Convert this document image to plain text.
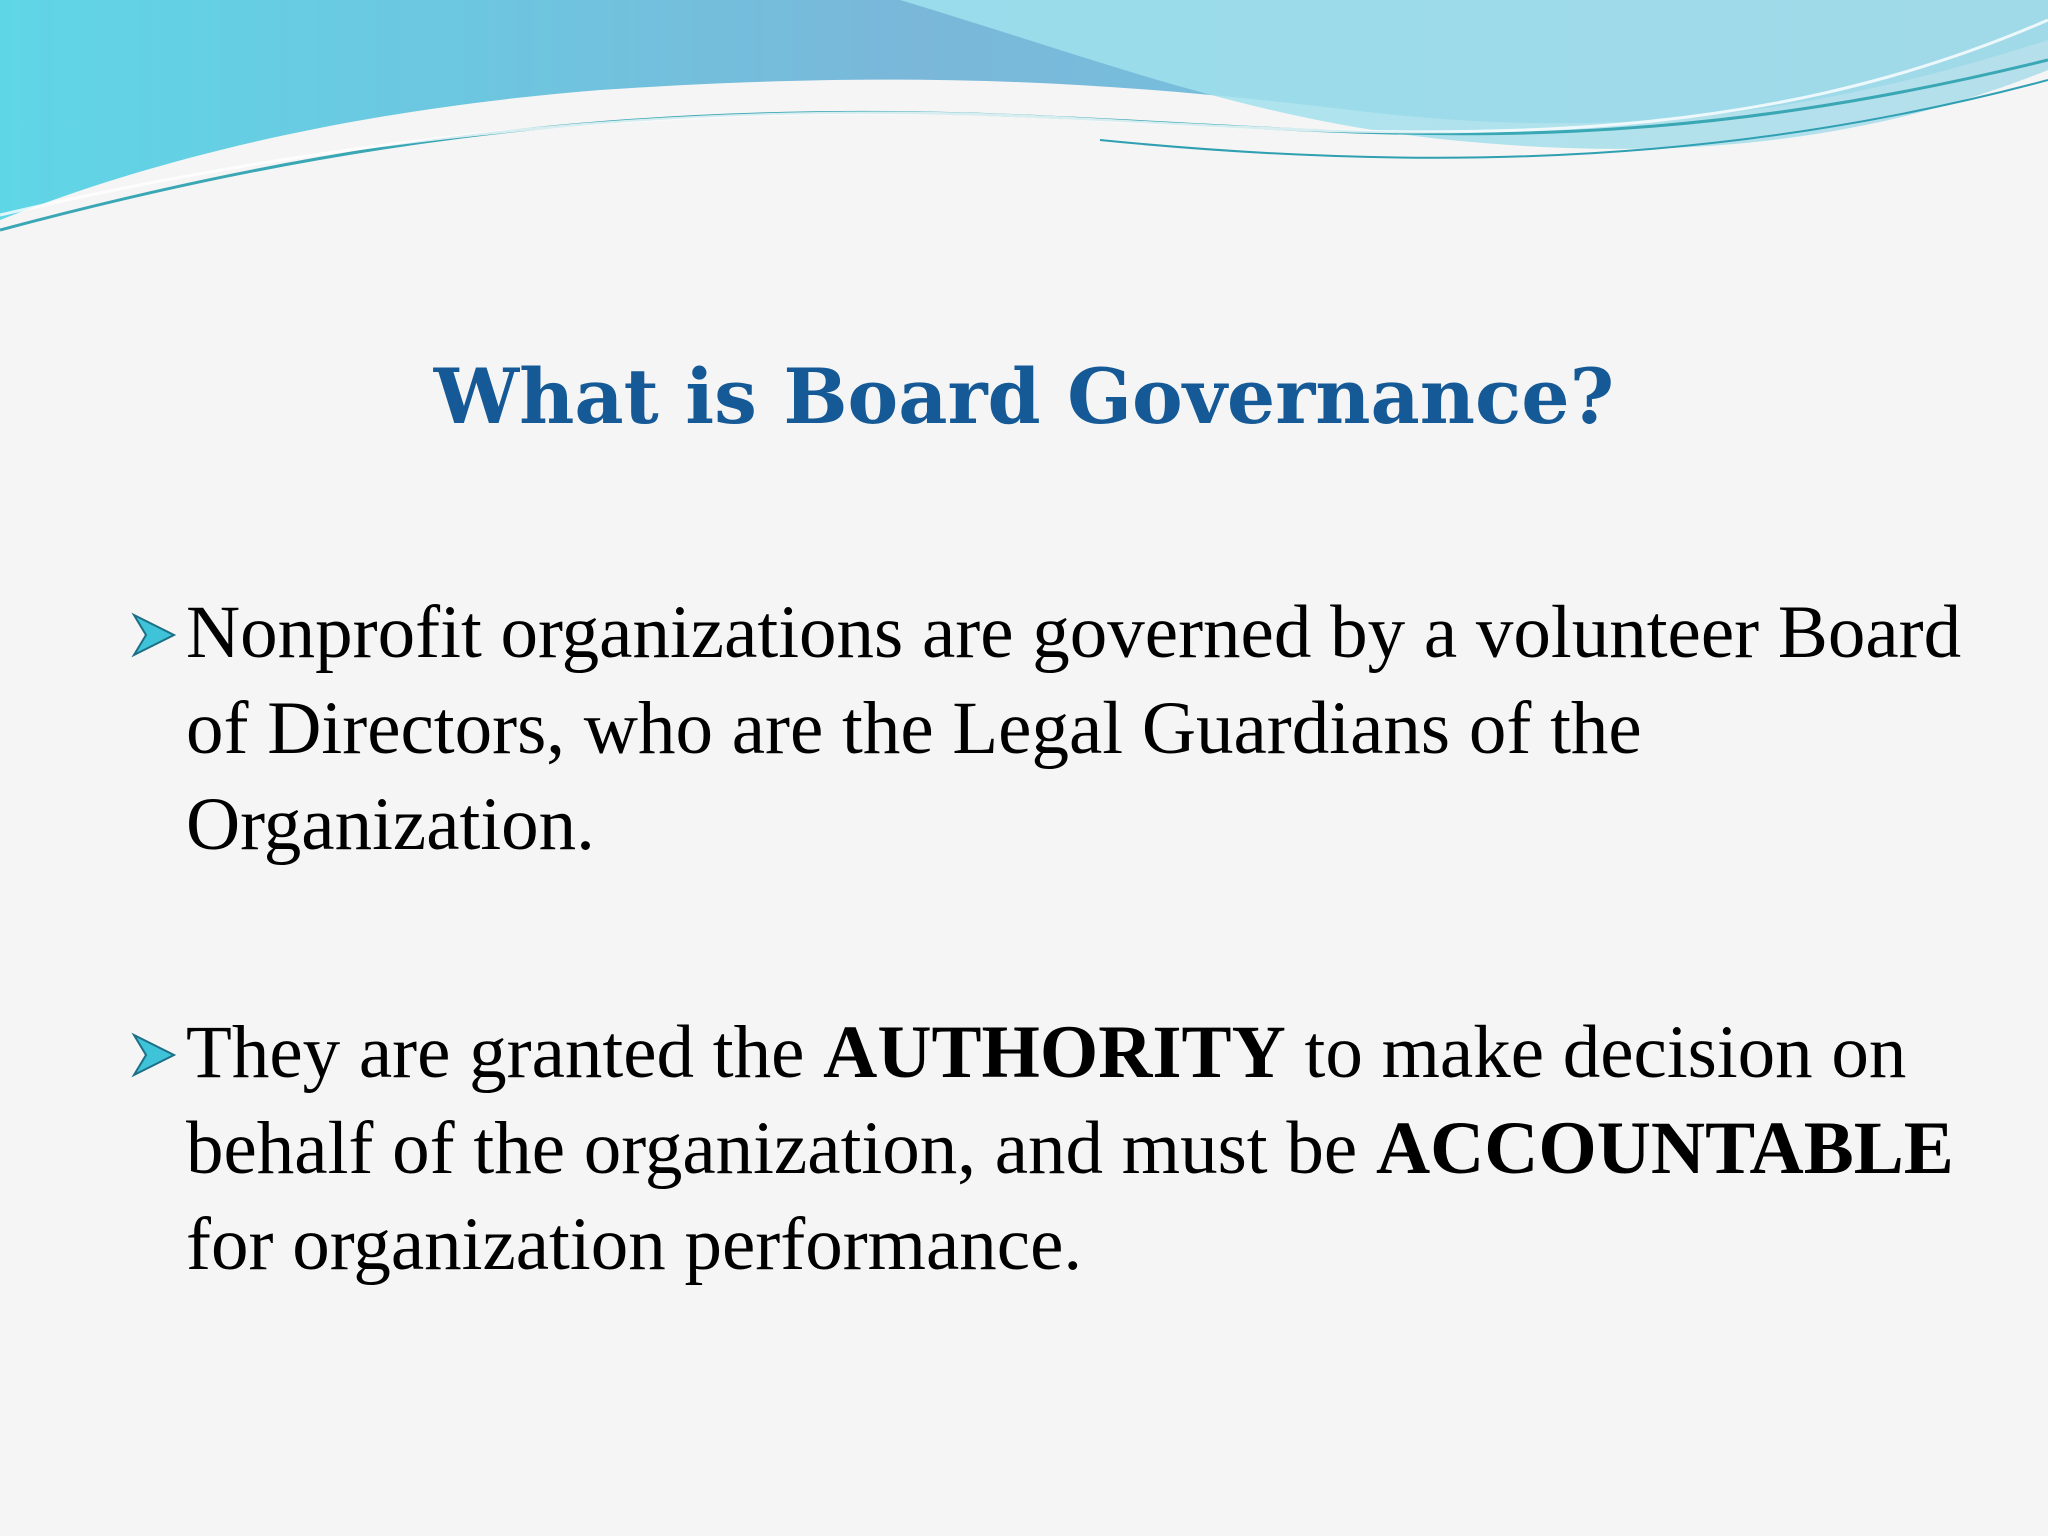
What is Board Governance?
Nonprofit organizations are governed by a volunteer Board of Directors, who are the Legal Guardians of the Organization.
They are granted the AUTHORITY to make decision on behalf of the organization, and must be ACCOUNTABLE for organization performance.
